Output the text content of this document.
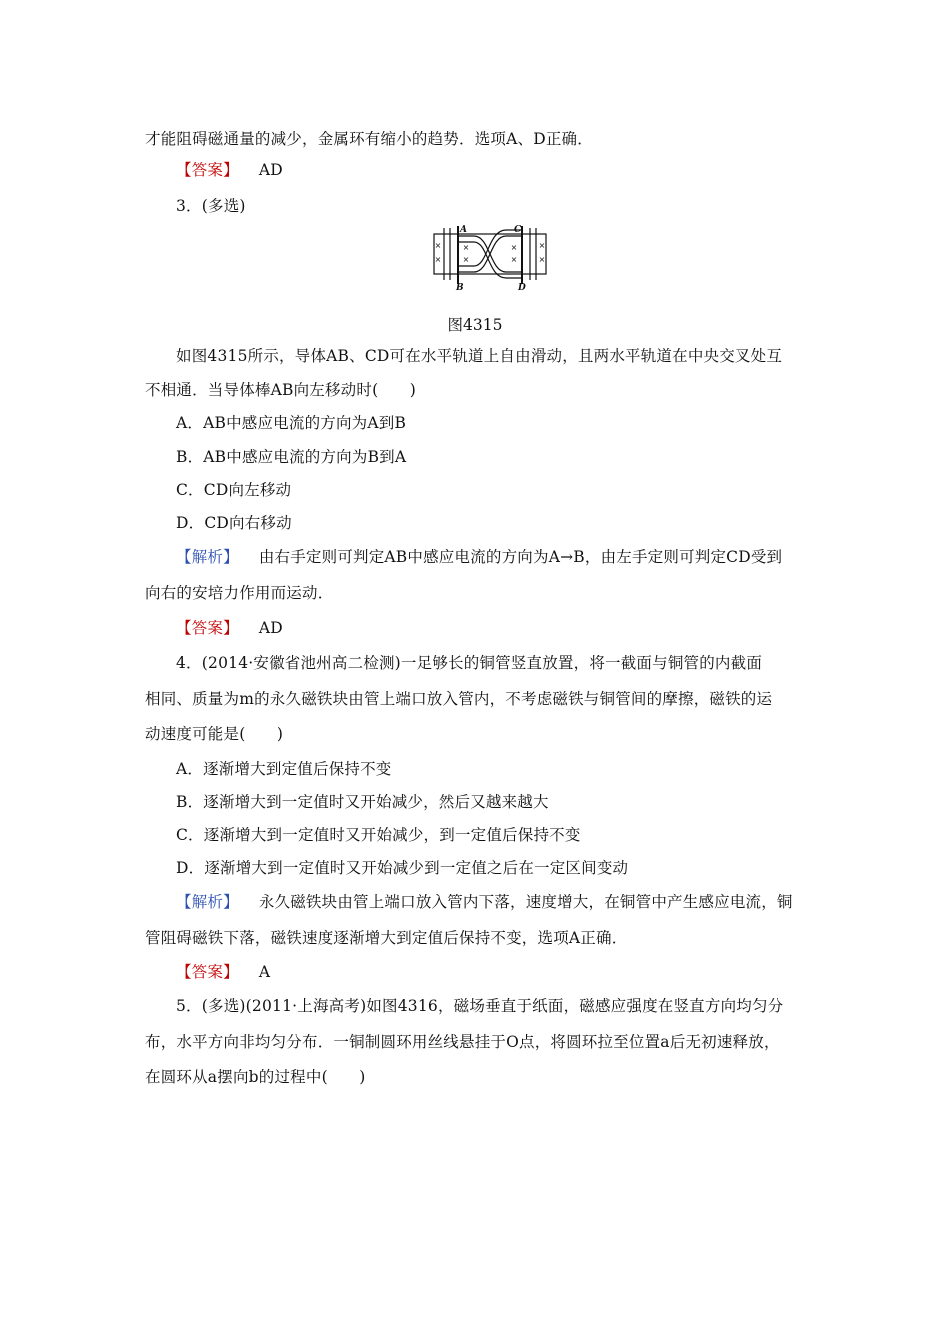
才能阻碍磁通量的减少，金属环有缩小的趋势．选项A、D正确．
【答案】 AD
3．(多选)
×
×
×
×
×
×
×
×
A
B
C
D
图4315
如图4315所示，导体AB、CD可在水平轨道上自由滑动，且两水平轨道在中央交叉处互
不相通．当导体棒AB向左移动时(　　)
A．AB中感应电流的方向为A到B
B．AB中感应电流的方向为B到A
C．CD向左移动
D．CD向右移动
【解析】 由右手定则可判定AB中感应电流的方向为A→B，由左手定则可判定CD受到
向右的安培力作用而运动．
【答案】 AD
4．(2014·安徽省池州高二检测)一足够长的铜管竖直放置，将一截面与铜管的内截面
相同、质量为m的永久磁铁块由管上端口放入管内，不考虑磁铁与铜管间的摩擦，磁铁的运
动速度可能是(　　)
A．逐渐增大到定值后保持不变
B．逐渐增大到一定值时又开始减少，然后又越来越大
C．逐渐增大到一定值时又开始减少，到一定值后保持不变
D．逐渐增大到一定值时又开始减少到一定值之后在一定区间变动
【解析】 永久磁铁块由管上端口放入管内下落，速度增大，在铜管中产生感应电流，铜
管阻碍磁铁下落，磁铁速度逐渐增大到定值后保持不变，选项A正确．
【答案】 A
5．(多选)(2011·上海高考)如图4316，磁场垂直于纸面，磁感应强度在竖直方向均匀分
布，水平方向非均匀分布．一铜制圆环用丝线悬挂于O点，将圆环拉至位置a后无初速释放，
在圆环从a摆向b的过程中(　　)
